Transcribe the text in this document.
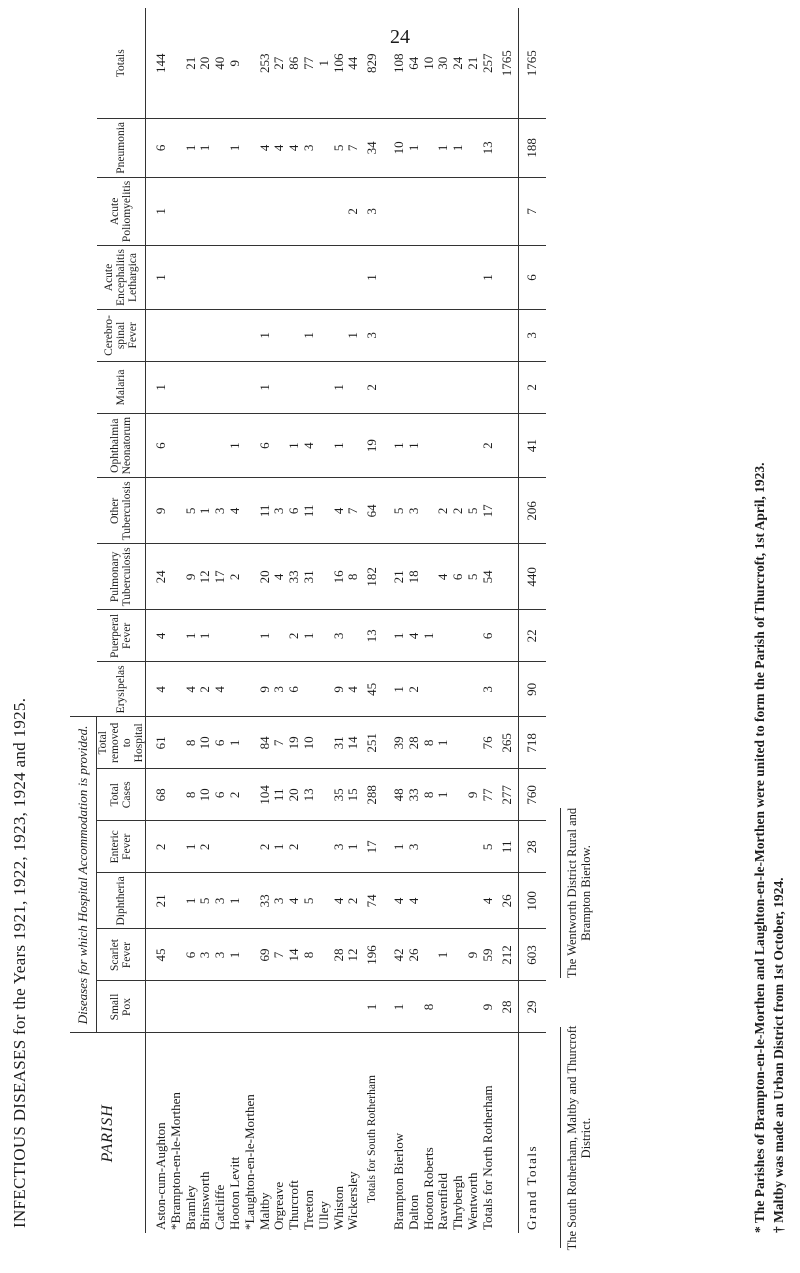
24
INFECTIOUS DISEASES for the Years 1921, 1922, 1923, 1924 and 1925.	PARISH	Diseases for which Hospital Accommodation is provided.																
	Small Pox	Scarlet Fever	Diphtheria	Enteric Fever	Total Cases	Total removed to Hospital	Erysipelas	Puerperal Fever	Pulmonary Tuberculosis	Other Tuberculosis	Ophthalmia Neonatorum	Malaria	Cerebro-spinal Fever	Acute Encephalitis Lethargica	Acute Poliomyelitis	Pneumonia	Totals
Aston-cum-Aughton		45	21	2	68	61	4	4	24	9	6	1		1	1	6	144
*Brampton-en-le-Morthen																	
Bramley		6	1	1	8	8	4	1	9	5						1	21
Brinsworth		3	5	2	10	10	2	1	12	1						1	20
Catcliffe		3	3		6	6	4		17	3							40
Hooton Levitt		1	1		2	1			2	4	1					1	9
*Laughton-en-le-Morthen																	
Maltby		69	33	2	104	84	9	1	20	11	6	1	1			4	253
Orgreave		7	3	1	11	7	3		4	3						4	27
Thurcroft		14	4	2	20	19	6	2	33	6	1					4	86
Treeton		8	5		13	10		1	31	11	4		1			3	77
Ulley																	1
Whiston		28	4	3	35	31	9	3	16	4	1	1				5	106
Wickersley		12	2	1	15	14	4		8	7			1		2	7	44
Totals for South Rotherham	1	196	74	17	288	251	45	13	182	64	19	2	3	1	3	34	829
Brampton Bierlow	1	42	4	1	48	39	1	1	21	5	1					10	108
Dalton		26	4	3	33	28	2	4	18	3	1					1	64
Hooton Roberts	8				8	8		1									10
Ravenfield		1			1	1			4	2						1	30
Thrybergh									6	2						1	24
Wentworth		9			9				5	5							21
Totals for North Rotherham	9	59	4	5	77	76	3	6	54	17	2			1		13	257
	28	212	26	11	277	265											1765
Grand Totals	29	603	100	28	760	718	90	22	440	206	41	2	3	6	7	188	1765
The South Rotherham, Maltby and Thurcroft District.
The Wentworth District Rural and Brampton Bierlow.	* The Parishes of Brampton-en-le-Morthen and Laughton-en-le-Morthen were united to form the Parish of Thurcroft, 1st April, 1923. † Maltby was made an Urban District from 1st October, 1924.
